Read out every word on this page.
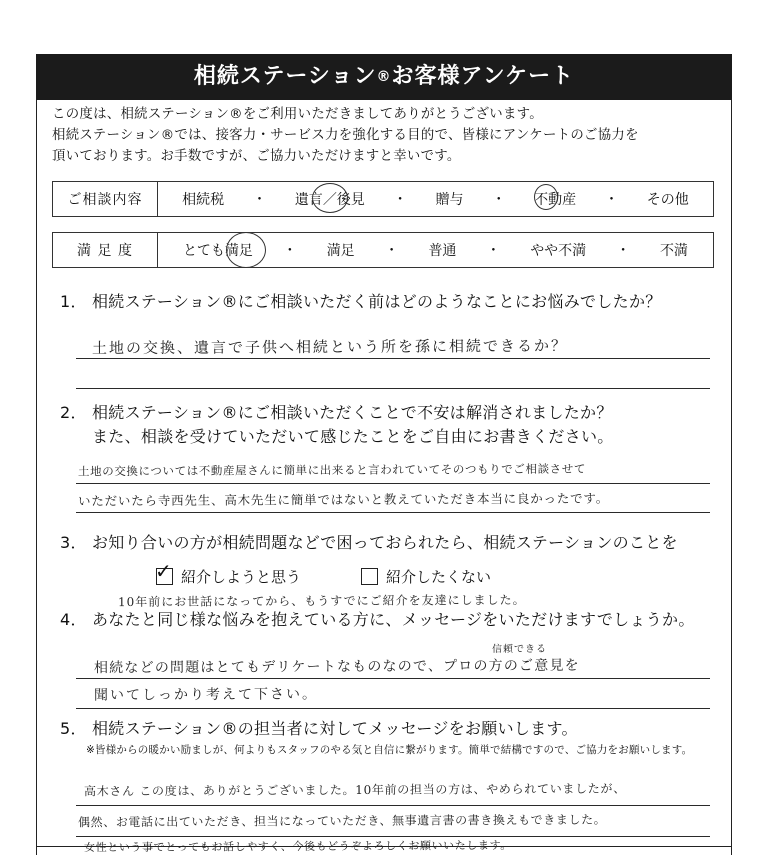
相続ステーション®お客様アンケート
この度は、相続ステーション®をご利用いただきましてありがとうございます。
相続ステーション®では、接客力・サービス力を強化する目的で、皆様にアンケートのご協力を
頂いております。お手数ですが、ご協力いただけますと幸いです。
ご相談内容	相続税 ・ 遺言／後見 ・ 贈与 ・ 不動産 ・ その他
満 足 度	とても満足 ・ 満足 ・ 普通 ・ やや不満 ・ 不満
1． 相続ステーション®にご相談いただく前はどのようなことにお悩みでしたか？
土地の交換、遺言で子供へ相続という所を孫に相続できるか？
2． 相続ステーション®にご相談いただくことで不安は解消されましたか？
また、相談を受けていただいて感じたことをご自由にお書きください。
土地の交換については不動産屋さんに簡単に出来ると言われていてそのつもりでご相談させて
いただいたら寺西先生、高木先生に簡単ではないと教えていただき本当に良かったです。
3． お知り合いの方が相続問題などで困っておられたら、相続ステーションのことを
✓ 紹介しようと思う	紹介したくない
10年前にお世話になってから、もうすでにご紹介を友達にしました。
4． あなたと同じ様な悩みを抱えている方に、メッセージをいただけますでしょうか。
信頼できる
相続などの問題はとてもデリケートなものなので、プロの方のご意見を
聞いてしっかり考えて下さい。
5． 相続ステーション®の担当者に対してメッセージをお願いします。
※皆様からの暖かい励ましが、何よりもスタッフのやる気と自信に繋がります。簡単で結構ですので、ご協力をお願いします。
高木さん この度は、ありがとうございました。10年前の担当の方は、やめられていましたが、
偶然、お電話に出ていただき、担当になっていただき、無事遺言書の書き換えもできました。
女性という事でとってもお話しやすく、今後もどうぞよろしくお願いいたします。
